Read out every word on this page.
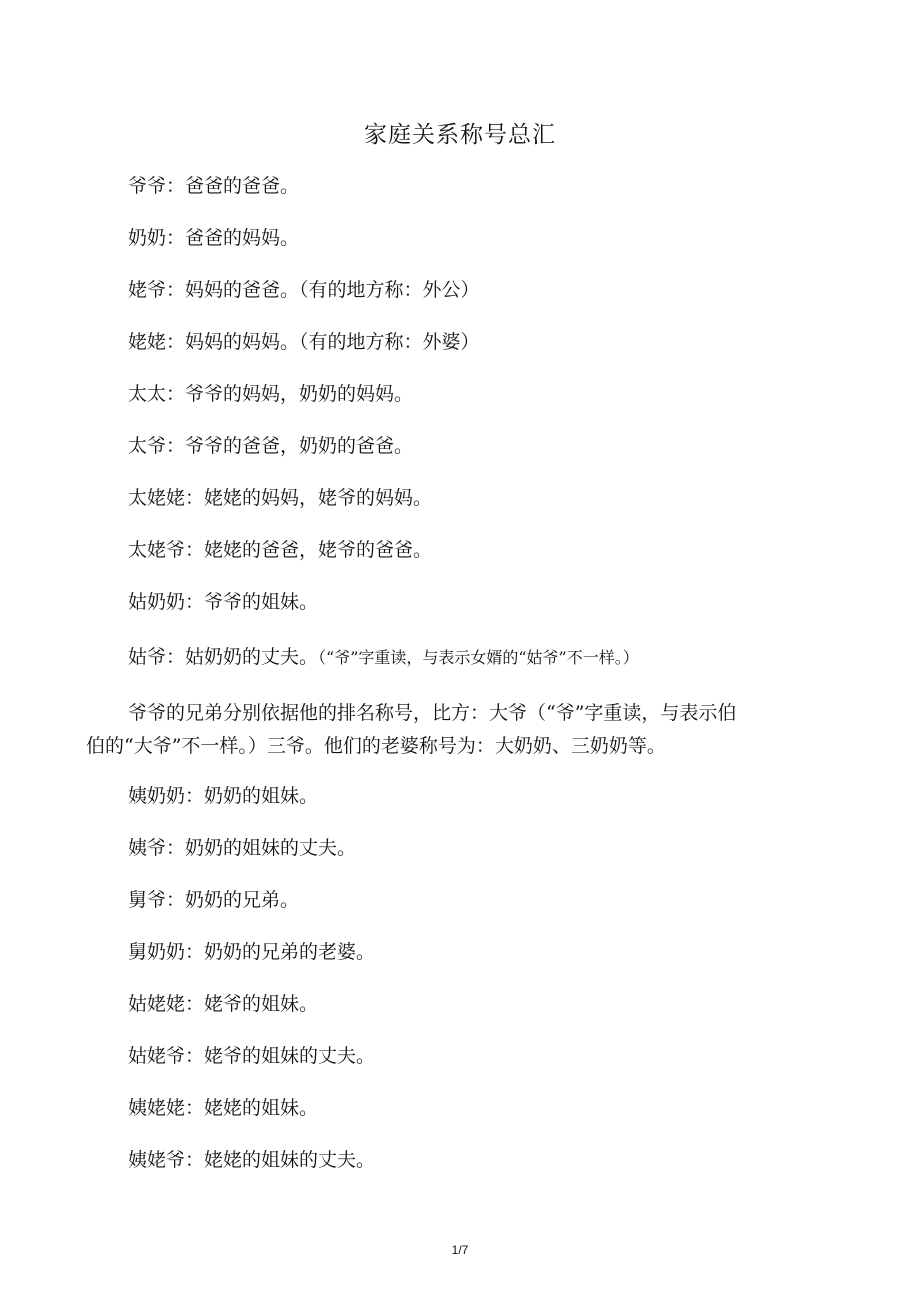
家庭关系称号总汇
爷爷：爸爸的爸爸。
奶奶：爸爸的妈妈。
姥爷：妈妈的爸爸。（有的地方称：外公）
姥姥：妈妈的妈妈。（有的地方称：外婆）
太太：爷爷的妈妈，奶奶的妈妈。
太爷：爷爷的爸爸，奶奶的爸爸。
太姥姥：姥姥的妈妈，姥爷的妈妈。
太姥爷：姥姥的爸爸，姥爷的爸爸。
姑奶奶：爷爷的姐妹。
姑爷：姑奶奶的丈夫。（“爷”字重读，与表示女婿的“姑爷”不一样。）
爷爷的兄弟分别依据他的排名称号，比方：大爷（“爷”字重读，与表示伯
伯的“大爷”不一样。）三爷。他们的老婆称号为：大奶奶、三奶奶等。
姨奶奶：奶奶的姐妹。
姨爷：奶奶的姐妹的丈夫。
舅爷：奶奶的兄弟。
舅奶奶：奶奶的兄弟的老婆。
姑姥姥：姥爷的姐妹。
姑姥爷：姥爷的姐妹的丈夫。
姨姥姥：姥姥的姐妹。
姨姥爷：姥姥的姐妹的丈夫。
1/7
